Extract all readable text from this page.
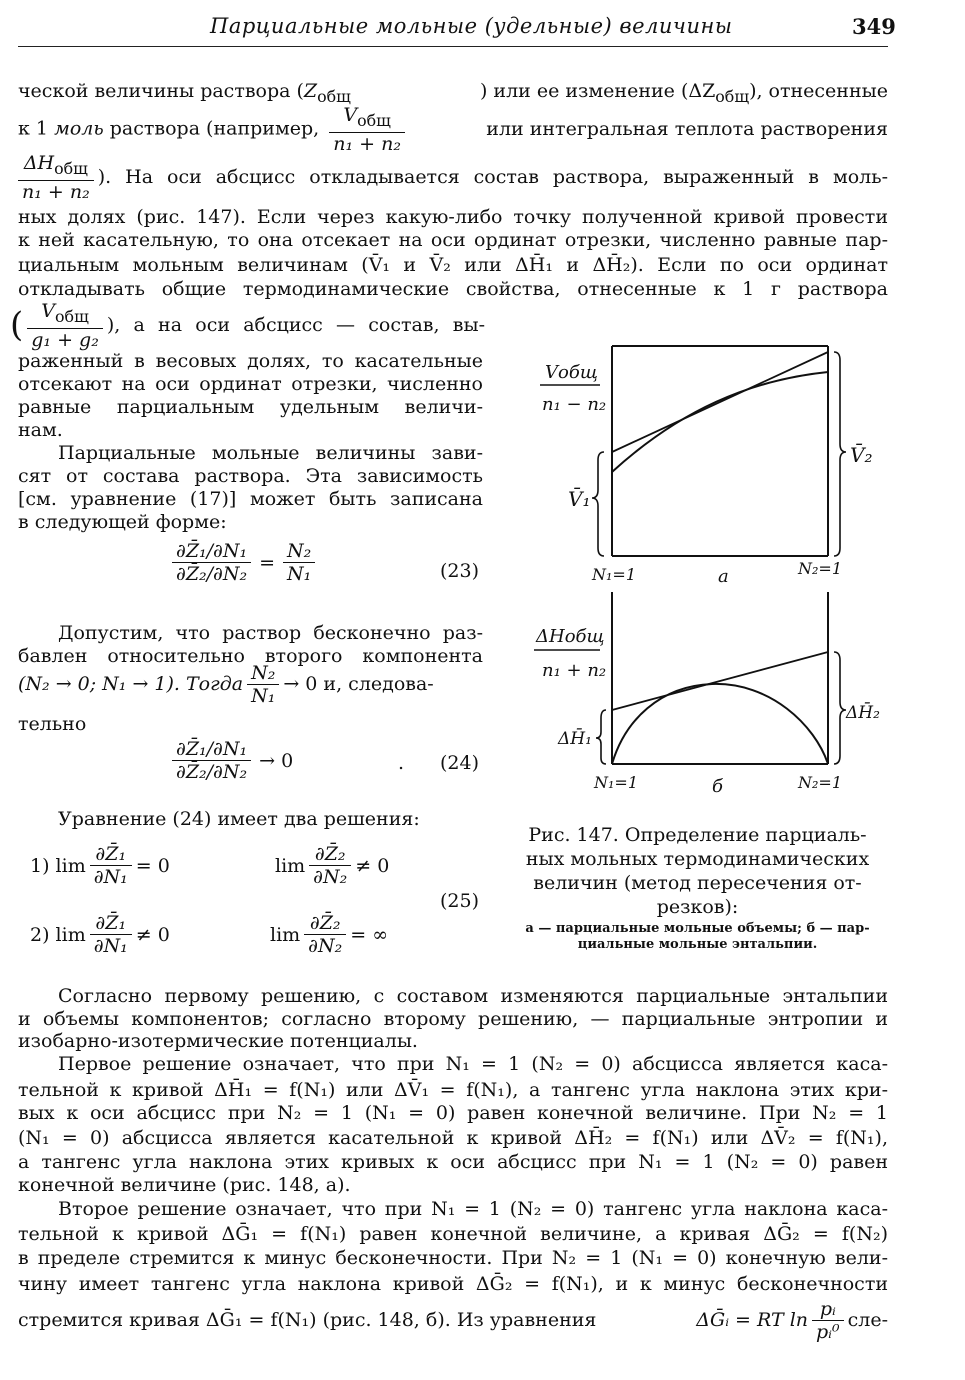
Парциальные мольные (удельные) величины	349
ческой величины раствора ($Z_{общ}$	) или ее изменение $(\Delta Z_{общ})$, отнесенные
к 1 моль раствора (например, $\frac{V_{общ}}{\text{n₁ + n₂}}$	или интегральная теплота растворения
$\frac{\Delta H_{общ}}{\text{n₁ + n₂}}$ ). На оси абсцисс откладывается состав раствора, выраженный в моль-
ных долях (рис. 147). Если через какую-либо точку полученной кривой провести
к ней касательную, то она отсекает на оси ординат отрезки, численно равные пар-
циальным мольным величинам (V̄₁ и V̄₂ или ΔH̄₁ и ΔH̄₂). Если по оси ординат
откладывать общие термодинамические свойства, отнесенные к 1 г раствора
( $\frac{V_{общ}}{\text{g₁ + g₂}}$ ), а на оси абсцисс — состав, вы-
раженный в весовых долях, то касательные
отсекают на оси ординат отрезки, численно
равные парциальным удельным величи-
нам.
Парциальные мольные величины зави-
сят от состава раствора. Эта зависимость
[см. уравнение (17)] может быть записана
в следующей форме:
$\frac{\text{∂Z̄₁/∂N₁}}{\text{∂Z̄₂/∂N₂}} = \frac{\text{N₂}}{\text{N₁}}$	(23)
Допустим, что раствор бесконечно раз-
бавлен относительно второго компонента
(N₂ → 0; N₁ → 1). Тогда $\frac{\text{N₂}}{\text{N₁}} \to 0$ и, следова-
тельно
$\frac{\text{∂Z̄₁/∂N₁}}{\text{∂Z̄₂/∂N₂}} \to 0$	. (24)
Уравнение (24) имеет два решения:
1) $\lim \frac{\text{∂Z̄₁}}{\text{∂N₁}} = 0$	$\lim \frac{\text{∂Z̄₂}}{\text{∂N₂}} \ne 0$
(25)
2) $\lim \frac{\text{∂Z̄₁}}{\text{∂N₁}} \ne 0$	$\lim \frac{\text{∂Z̄₂}}{\text{∂N₂}}$ = ∞
Vобщ
n₁ − n₂
V̄₁
V̄₂
N₁=1	a	N₂=1
ΔHобщ
n₁ + n₂
ΔH̄₁
ΔH̄₂
N₁=1	б	N₂=1
Рис. 147. Определение парциаль-
ных мольных термодинамических
величин (метод пересечения от-
резков):
а — парциальные мольные объемы; б — пар-
циальные мольные энтальпии.
Согласно первому решению, с составом изменяются парциальные энтальпии
и объемы компонентов; согласно второму решению, — парциальные энтропии и
изобарно-изотермические потенциалы.
Первое решение означает, что при N₁ = 1 (N₂ = 0) абсцисса является каса-
тельной к кривой ΔH̄₁ = f(N₁) или ΔV̄₁ = f(N₁), а тангенс угла наклона этих кри-
вых к оси абсцисс при N₂ = 1 (N₁ = 0) равен конечной величине. При N₂ = 1
(N₁ = 0) абсцисса является касательной к кривой ΔH̄₂ = f(N₁) или ΔV̄₂ = f(N₁),
а тангенс угла наклона этих кривых к оси абсцисс при N₁ = 1 (N₂ = 0) равен
конечной величине (рис. 148, а).
Второе решение означает, что при N₁ = 1 (N₂ = 0) тангенс угла наклона каса-
тельной к кривой ΔḠ₁ = f(N₁) равен конечной величине, а кривая ΔḠ₂ = f(N₂)
в пределе стремится к минус бесконечности. При N₂ = 1 (N₁ = 0) конечную вели-
чину имеет тангенс угла наклона кривой ΔḠ₂ = f(N₁), и к минус бесконечности
стремится кривая ΔḠ₁ = f(N₁) (рис. 148, б). Из уравнения	ΔḠᵢ = RT $\ln \frac{\text{pᵢ}}{\text{pᵢ⁰}} сле-$
